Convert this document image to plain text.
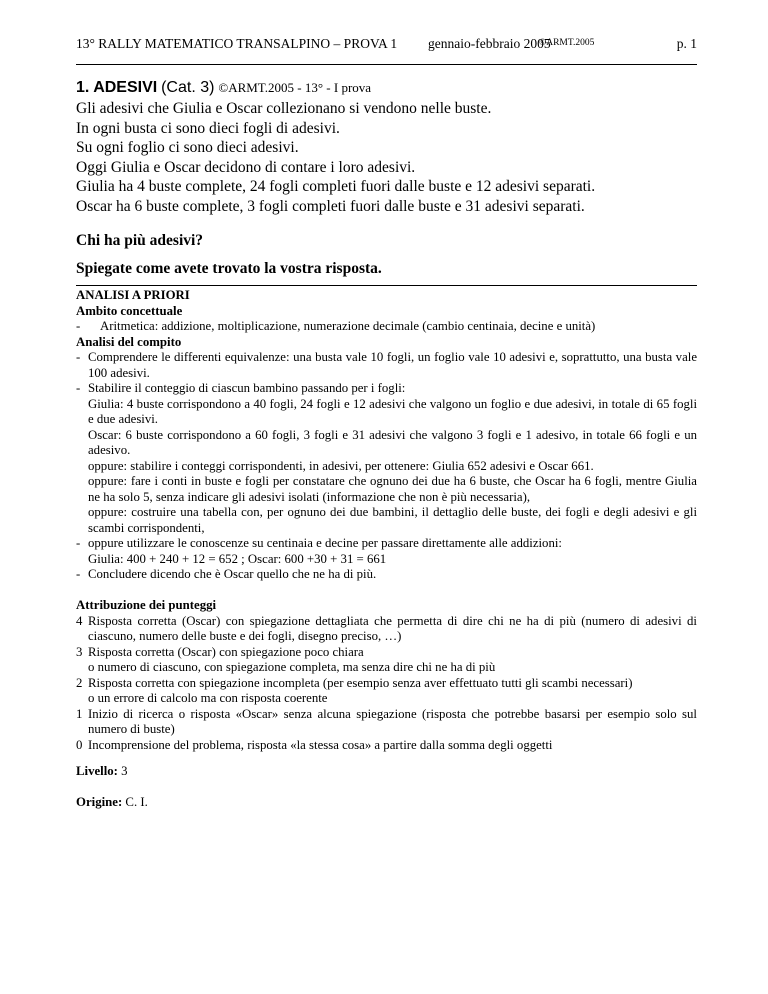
13° RALLY MATEMATICO TRANSALPINO – PROVA 1 gennaio-febbraio 2005
©ARMT.2005	p. 1

1. ADESIVI (Cat. 3) ©ARMT.2005 - 13° - I prova

Gli adesivi che Giulia e Oscar collezionano si vendono nelle buste.

In ogni busta ci sono dieci fogli di adesivi.

Su ogni foglio ci sono dieci adesivi.

Oggi Giulia e Oscar decidono di contare i loro adesivi.

Giulia ha 4 buste complete, 24 fogli completi fuori dalle buste e 12 adesivi separati.

Oscar ha 6 buste complete, 3 fogli completi fuori dalle buste e 31 adesivi separati.

Chi ha più adesivi?

Spiegate come avete trovato la vostra risposta.

ANALISI A PRIORI
Ambito concettuale
-	Aritmetica: addizione, moltiplicazione, numerazione decimale (cambio centinaia, decine e unità)
Analisi del compito
- Comprendere le differenti equivalenze: una busta vale 10 fogli, un foglio vale 10 adesivi e, soprattutto, una busta vale 100 adesivi.
- Stabilire il conteggio di ciascun bambino passando per i fogli:
Giulia: 4 buste corrispondono a 40 fogli, 24 fogli e 12 adesivi che valgono un foglio e due adesivi, in totale di 65 fogli e due adesivi.
Oscar: 6 buste corrispondono a 60 fogli, 3 fogli e 31 adesivi che valgono 3 fogli e 1 adesivo, in totale 66 fogli e un adesivo.
oppure: stabilire i conteggi corrispondenti, in adesivi, per ottenere: Giulia 652 adesivi e Oscar 661.
oppure: fare i conti in buste e fogli per constatare che ognuno dei due ha 6 buste, che Oscar ha 6 fogli, mentre Giulia ne ha solo 5, senza indicare gli adesivi isolati (informazione che non è più necessaria),
oppure: costruire una tabella con, per ognuno dei due bambini, il dettaglio delle buste, dei fogli e degli adesivi e gli scambi corrispondenti,
- oppure utilizzare le conoscenze su centinaia e decine per passare direttamente alle addizioni:
Giulia: 400 + 240 + 12 = 652 ; Oscar: 600 +30 + 31 = 661
- Concludere dicendo che è Oscar quello che ne ha di più.
Attribuzione dei punteggi
4 Risposta corretta (Oscar) con spiegazione dettagliata che permetta di dire chi ne ha di più (numero di adesivi di ciascuno, numero delle buste e dei fogli, disegno preciso, …)
3 Risposta corretta (Oscar) con spiegazione poco chiara
o numero di ciascuno, con spiegazione completa, ma senza dire chi ne ha di più
2 Risposta corretta con spiegazione incompleta (per esempio senza aver effettuato tutti gli scambi necessari)
o un errore di calcolo ma con risposta coerente
1 Inizio di ricerca o risposta «Oscar» senza alcuna spiegazione (risposta che potrebbe basarsi per esempio solo sul numero di buste)
0 Incomprensione del problema, risposta «la stessa cosa» a partire dalla somma degli oggetti
Livello: 3
Origine: C. I.
